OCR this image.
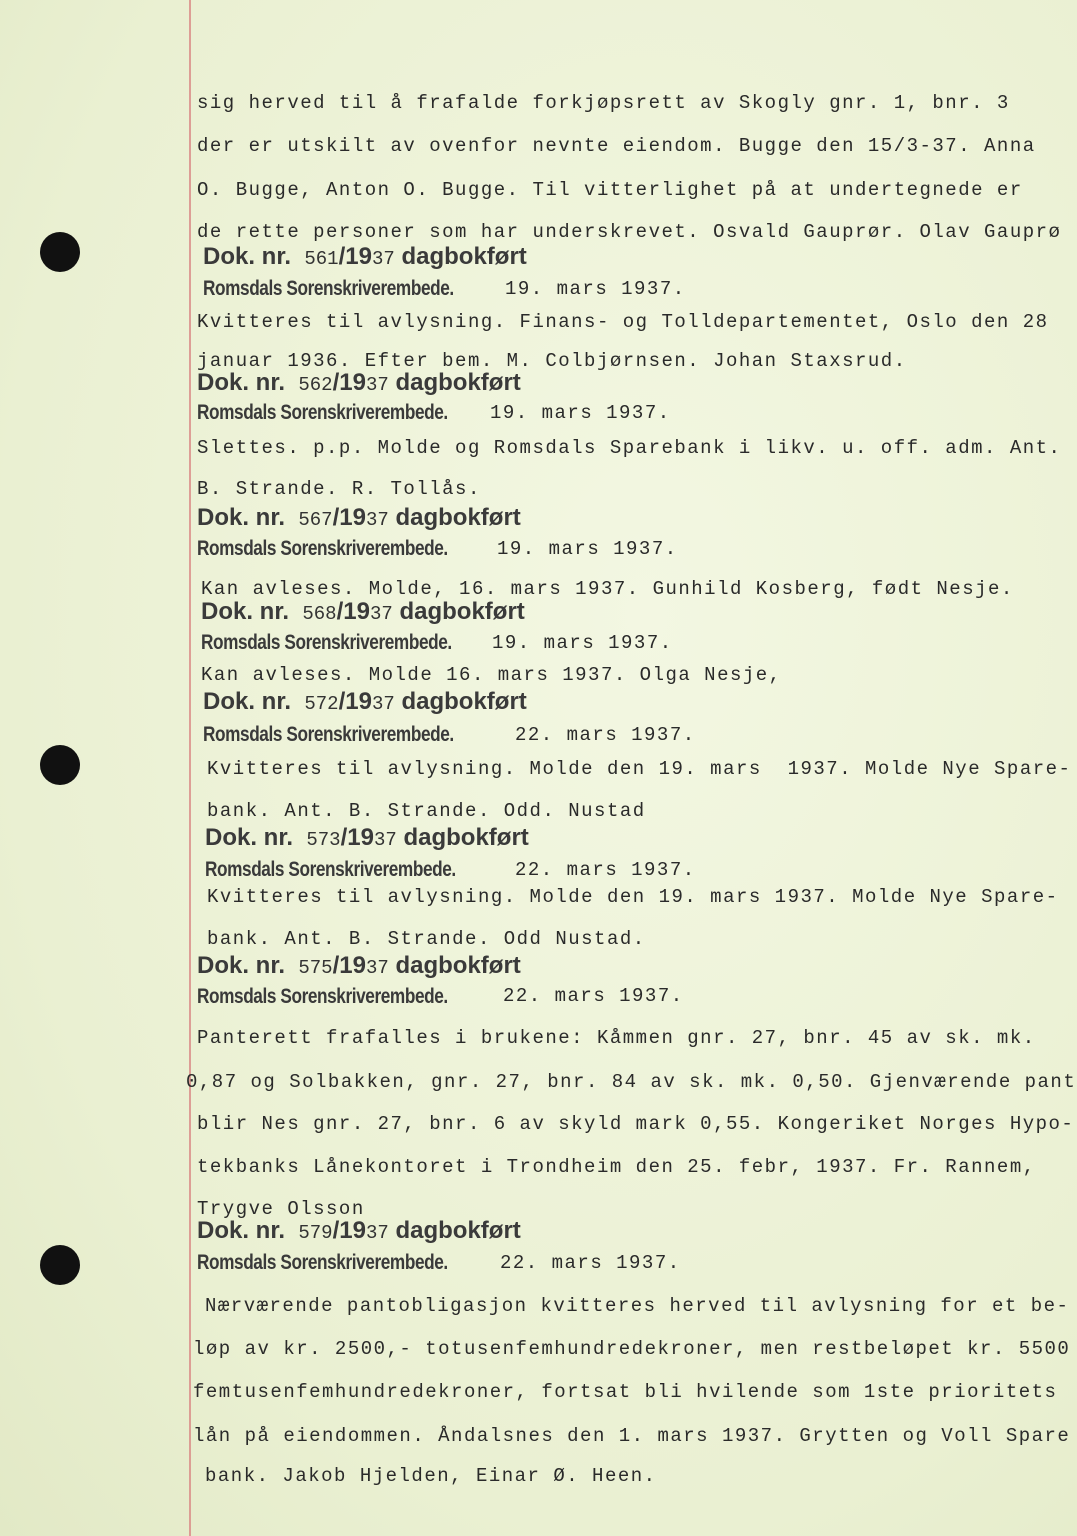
sig herved til å frafalde forkjøpsrett av Skogly gnr. 1, bnr. 3
der er utskilt av ovenfor nevnte eiendom. Bugge den 15/3-37. Anna
O. Bugge, Anton O. Bugge. Til vitterlighet på at undertegnede er
de rette personer som har underskrevet. Osvald Gauprør. Olav Gauprø
Dok. nr. 561/1937 dagbokført
Romsdals Sorenskriverembede.	19. mars 1937.
Kvitteres til avlysning. Finans- og Tolldepartementet, Oslo den 28
januar 1936. Efter bem. M. Colbjørnsen. Johan Staxsrud.
Dok. nr. 562/1937 dagbokført
Romsdals Sorenskriverembede. 19. mars 1937.
Slettes. p.p. Molde og Romsdals Sparebank i likv. u. off. adm. Ant.
B. Strande. R. Tollås.
Dok. nr. 567/1937 dagbokført
Romsdals Sorenskriverembede.	19. mars 1937.
Kan avleses. Molde, 16. mars 1937. Gunhild Kosberg, født Nesje.
Dok. nr. 568/1937 dagbokført
Romsdals Sorenskriverembede. 19. mars 1937.
Kan avleses. Molde 16. mars 1937. Olga Nesje,
Dok. nr. 572/1937 dagbokført
Romsdals Sorenskriverembede.	22. mars 1937.
Kvitteres til avlysning. Molde den 19. mars  1937. Molde Nye Spare-
bank. Ant. B. Strande. Odd. Nustad
Dok. nr. 573/1937 dagbokført
Romsdals Sorenskriverembede.	22. mars 1937.
Kvitteres til avlysning. Molde den 19. mars 1937. Molde Nye Spare-
bank. Ant. B. Strande. Odd Nustad.
Dok. nr. 575/1937 dagbokført
Romsdals Sorenskriverembede.	22. mars 1937.
Panterett frafalles i brukene: Kåmmen gnr. 27, bnr. 45 av sk. mk.
0,87 og Solbakken, gnr. 27, bnr. 84 av sk. mk. 0,50. Gjenværende pant
blir Nes gnr. 27, bnr. 6 av skyld mark 0,55. Kongeriket Norges Hypo-
tekbanks Lånekontoret i Trondheim den 25. febr, 1937. Fr. Rannem,
Trygve Olsson
Dok. nr. 579/1937 dagbokført
Romsdals Sorenskriverembede.	22. mars 1937.
Nærværende pantobligasjon kvitteres herved til avlysning for et be-
løp av kr. 2500,- totusenfemhundredekroner, men restbeløpet kr. 5500
femtusenfemhundredekroner, fortsat bli hvilende som 1ste prioritets
lån på eiendommen. Åndalsnes den 1. mars 1937. Grytten og Voll Spare
bank. Jakob Hjelden, Einar Ø. Heen.
